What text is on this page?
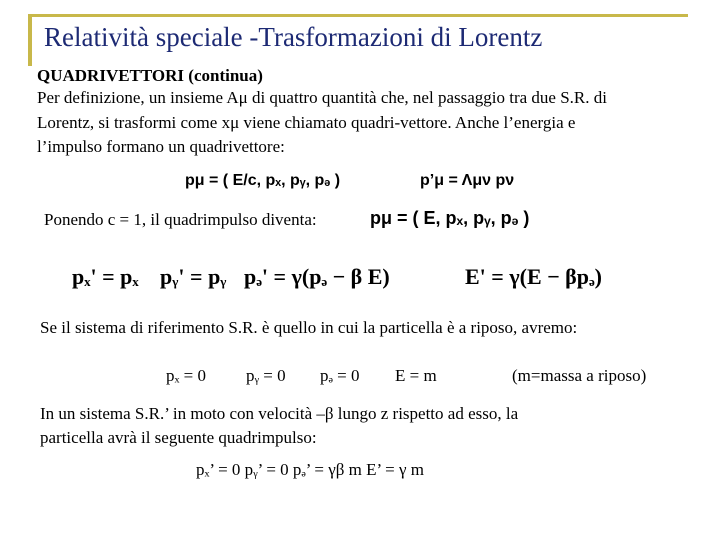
Relatività speciale -Trasformazioni di Lorentz
QUADRIVETTORI (continua)
Per definizione, un insieme Aμ di quattro quantità che, nel passaggio tra due S.R. di
Lorentz, si trasformi come xμ viene chiamato quadri-vettore. Anche l’energia e
l’impulso formano un quadrivettore:
pμ = ( E/c, pₓ, pᵧ, pₔ )	p’μ = Λμν pν
Ponendo c = 1, il quadrimpulso diventa:	pμ = ( E, pₓ, pᵧ, pₔ )
pₓ' = pₓ pᵧ' = pᵧ pₔ' = γ(pₔ − β E)	E' = γ(E − βpₔ)
Se il sistema di riferimento S.R. è quello in cui la particella è a riposo, avremo:
pₓ = 0 pᵧ = 0 pₔ = 0 E = m	(m=massa a riposo)
In un sistema S.R.’ in moto con velocità –β lungo z rispetto ad esso, la
particella avrà il seguente quadrimpulso:
pₓ’ = 0 pᵧ’ = 0 pₔ’ = γβ m E’ = γ m
